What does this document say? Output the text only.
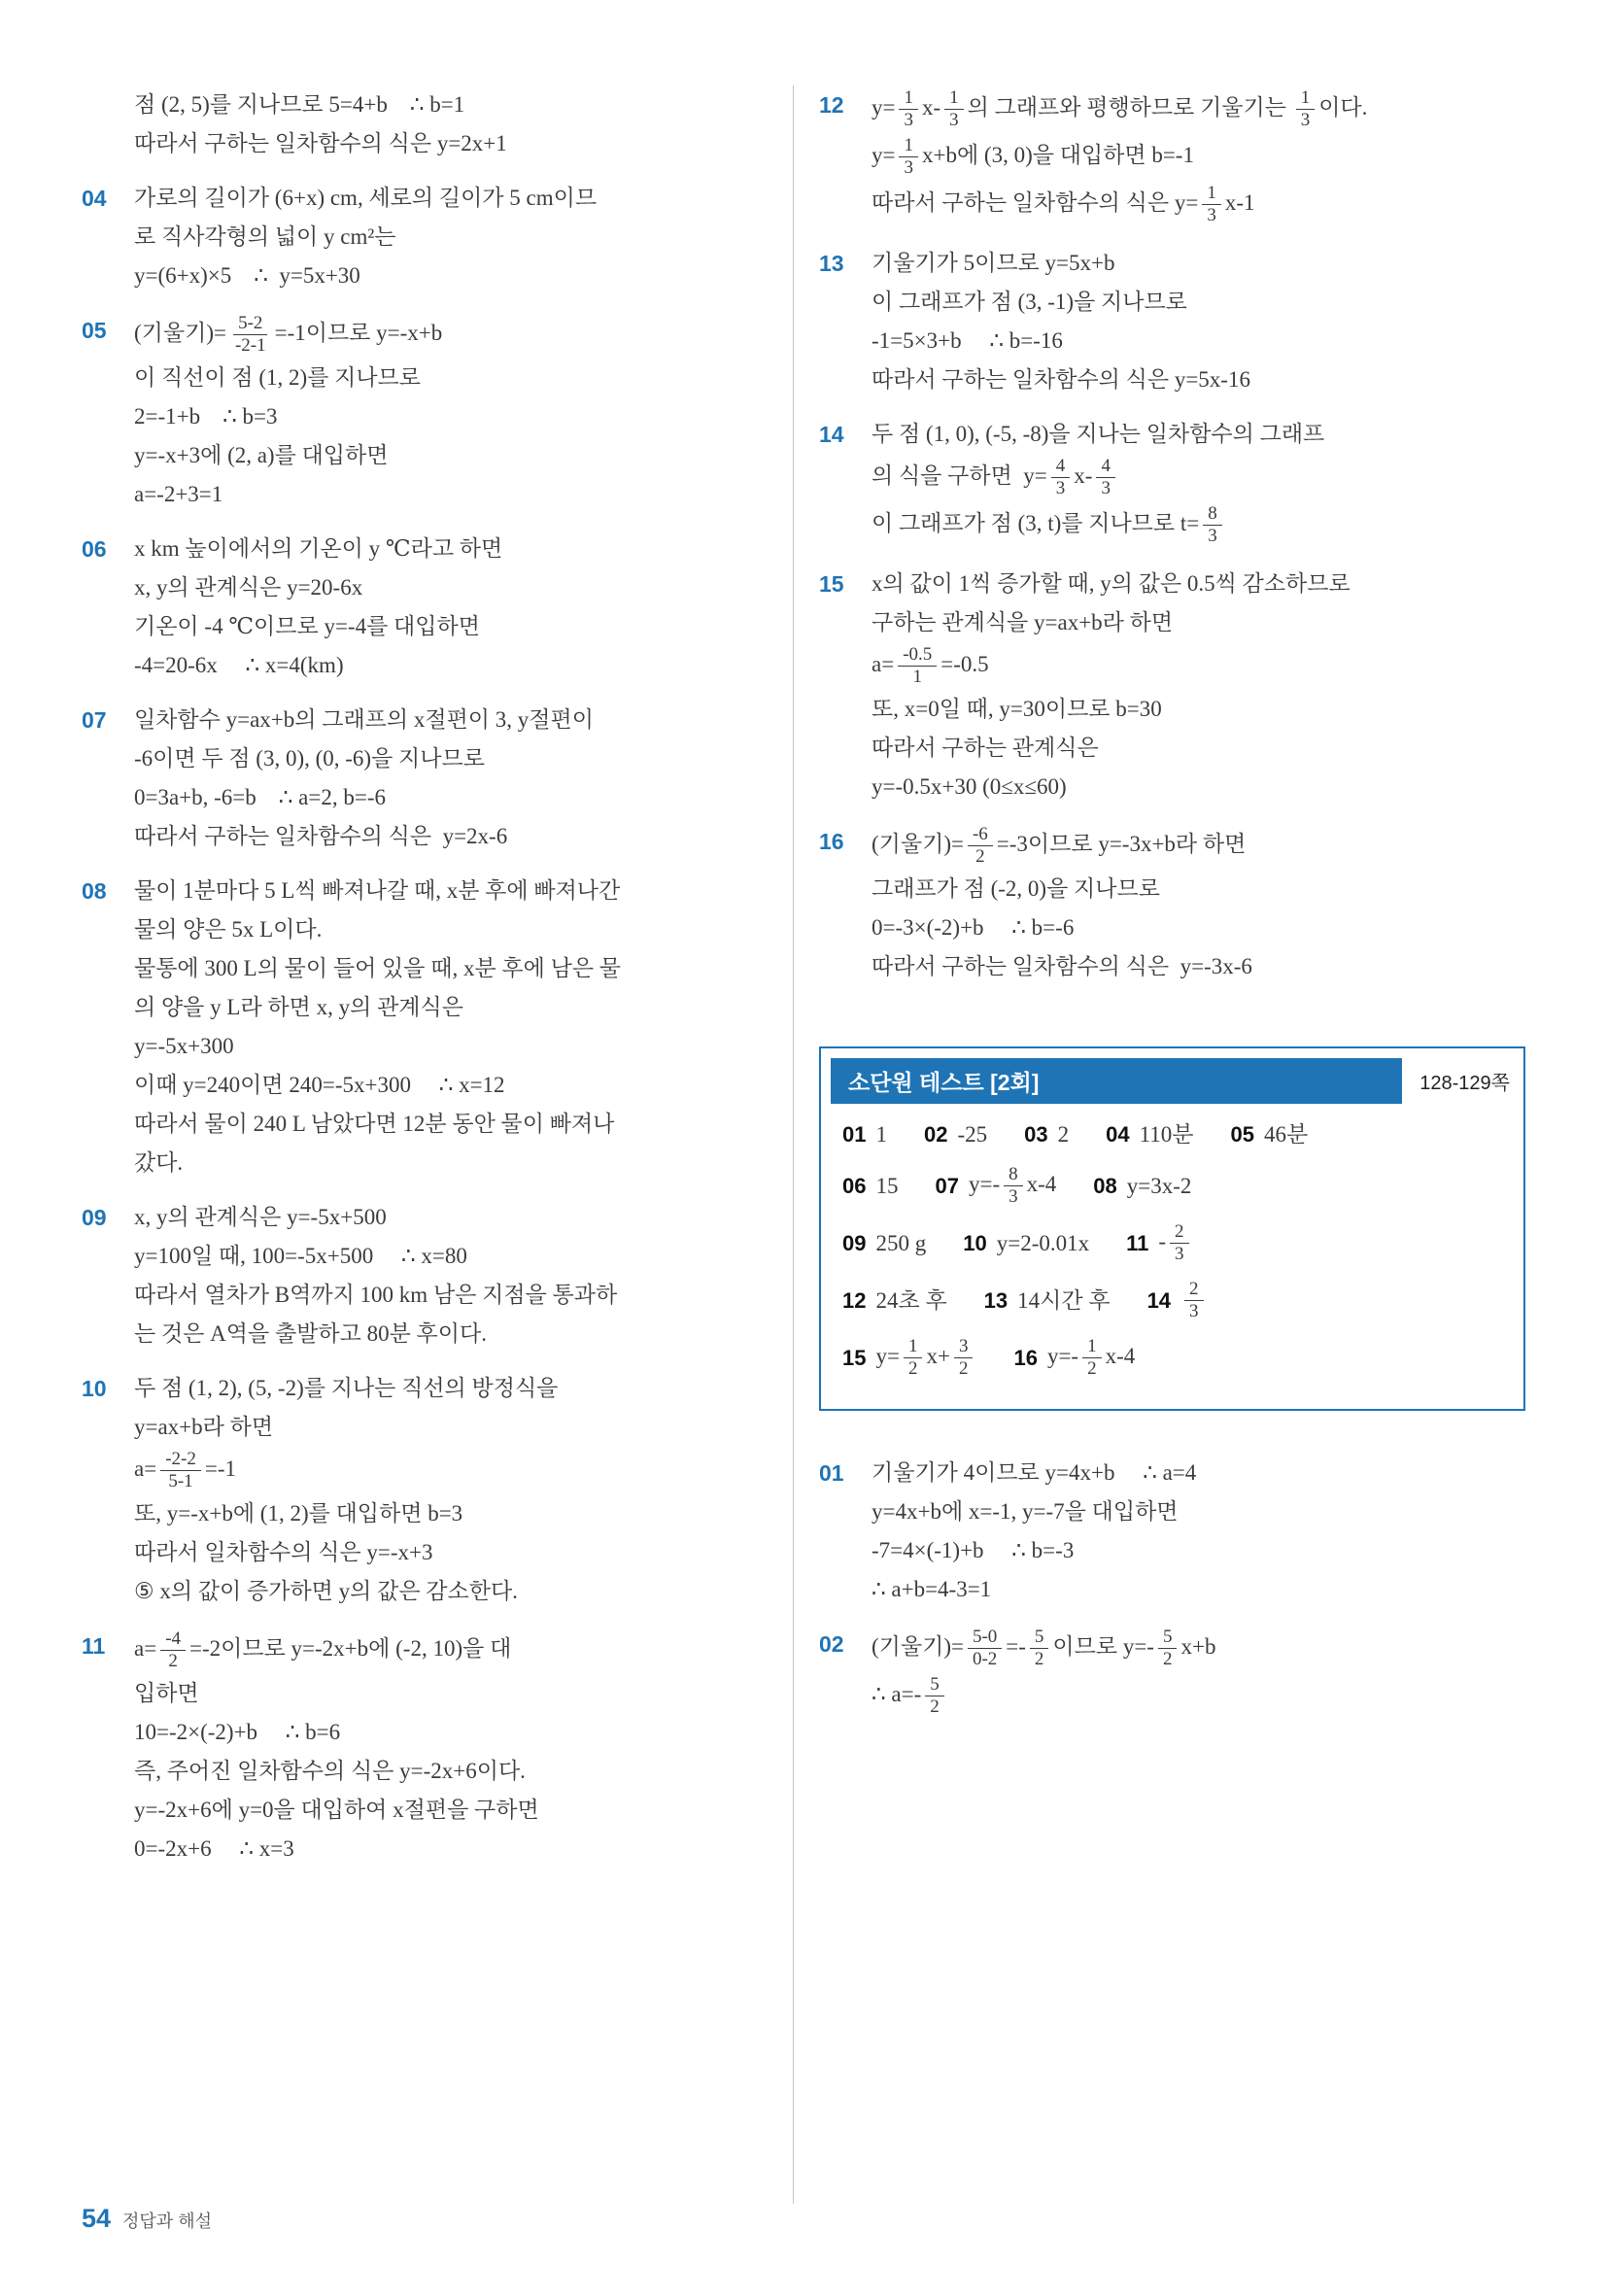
점 (2, 5)를 지나므로 5=4+b    ∴ b=1
따라서 구하는 일차함수의 식은 y=2x+1
04	가로의 길이가 (6+x) cm, 세로의 길이가 5 cm이므
로 직사각형의 넓이 y cm²는
y=(6+x)×5    ∴  y=5x+30
05	(기울기)= $\frac{5-2}{-2-1} =-1$이므로 y=-x+b
이 직선이 점 (1, 2)를 지나므로
2=-1+b    ∴ b=3
y=-x+3에 (2, a)를 대입하면
a=-2+3=1
06	x km 높이에서의 기온이 y ℃라고 하면
x, y의 관계식은 y=20-6x
기온이 -4 ℃이므로 y=-4를 대입하면
-4=20-6x     ∴ x=4(km)
07	일차함수 y=ax+b의 그래프의 x절편이 3, y절편이
-6이면 두 점 (3, 0), (0, -6)을 지나므로
0=3a+b, -6=b    ∴ a=2, b=-6
따라서 구하는 일차함수의 식은  y=2x-6
08	물이 1분마다 5 L씩 빠져나갈 때, x분 후에 빠져나간
물의 양은 5x L이다.
물통에 300 L의 물이 들어 있을 때, x분 후에 남은 물
의 양을 y L라 하면 x, y의 관계식은
y=-5x+300
이때 y=240이면 240=-5x+300     ∴ x=12
따라서 물이 240 L 남았다면 12분 동안 물이 빠져나
갔다.
09	x, y의 관계식은 y=-5x+500
y=100일 때, 100=-5x+500     ∴ x=80
따라서 열차가 B역까지 100 km 남은 지점을 통과하
는 것은 A역을 출발하고 80분 후이다.
10	두 점 (1, 2), (5, -2)를 지나는 직선의 방정식을
y=ax+b라 하면
$a= \frac{-2-2}{5-1} =-1$
또, y=-x+b에 (1, 2)를 대입하면 b=3
따라서 일차함수의 식은 y=-x+3
⑤ x의 값이 증가하면 y의 값은 감소한다.
11	$a= \frac{-4}{2} =-2$이므로 y=-2x+b에 (-2, 10)을 대
입하면
10=-2×(-2)+b     ∴ b=6
즉, 주어진 일차함수의 식은 y=-2x+6이다.
y=-2x+6에 y=0을 대입하여 x절편을 구하면
0=-2x+6     ∴ x=3
12	$y= \frac{1}{3} x- \frac{1}{3}$ 의 그래프와 평행하므로 기울기는 $\frac{1}{3}$ 이다.
$y= \frac{1}{3} x+b$에 (3, 0)을 대입하면 b=-1
따라서 구하는 일차함수의 식은 $y= \frac{1}{3} x-1$
13	기울기가 5이므로 y=5x+b
이 그래프가 점 (3, -1)을 지나므로
-1=5×3+b     ∴ b=-16
따라서 구하는 일차함수의 식은 y=5x-16
14	두 점 (1, 0), (-5, -8)을 지나는 일차함수의 그래프
의 식을 구하면  $y= \frac{4}{3} x- \frac{4}{3}$
이 그래프가 점 (3, t)를 지나므로 $t= \frac{8}{3}$
15	x의 값이 1씩 증가할 때, y의 값은 0.5씩 감소하므로
구하는 관계식을 y=ax+b라 하면
$a= \frac{-0.5}{1} =-0.5$
또, x=0일 때, y=30이므로 b=30
따라서 구하는 관계식은
y=-0.5x+30 (0≤x≤60)
16	(기울기)= $\frac{-6}{2} =-3$이므로 y=-3x+b라 하면
그래프가 점 (-2, 0)을 지나므로
0=-3×(-2)+b     ∴ b=-6
따라서 구하는 일차함수의 식은  y=-3x-6
소단원 테스트 [2회]	128-129쪽
01 1 02 -25 03 2 04 110분 05 46분
06 15 07 $y=- \frac{8}{3} x-4$ 08 y=3x-2
09 250 g 10 y=2-0.01x $11 - \frac{2}{3}$
12 24초 후 13 14시간 후 $14 \frac{2}{3}$
15 $y= \frac{1}{2} x+ \frac{3}{2} 16$ $y=- \frac{1}{2} x-4$
01	기울기가 4이므로 y=4x+b     ∴ a=4
y=4x+b에 x=-1, y=-7을 대입하면
-7=4×(-1)+b     ∴ b=-3
∴ a+b=4-3=1
02	(기울기)= $\frac{5-0}{0-2} =- \frac{5}{2}$ 이므로 $y=- \frac{5}{2} x+b$
∴ $a=- \frac{5}{2}$
54 정답과 해설
